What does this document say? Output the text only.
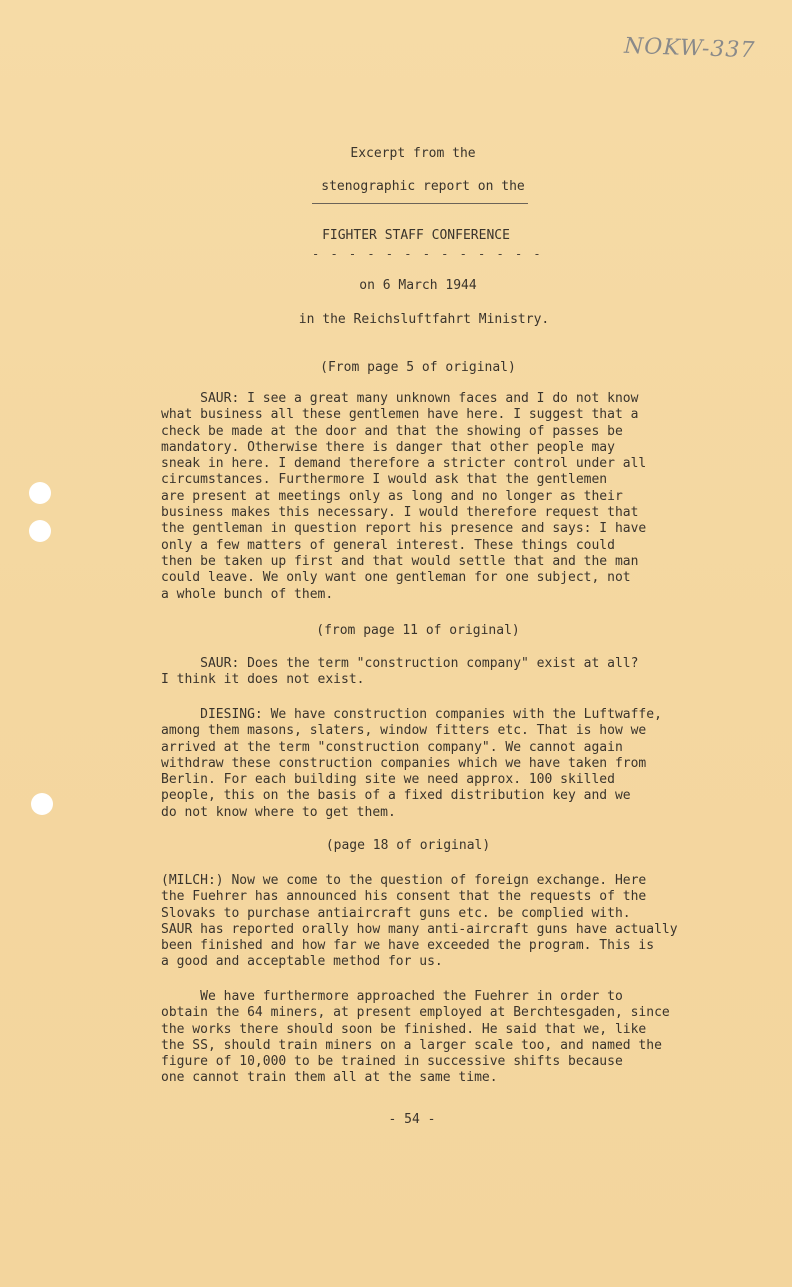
NOKW-337
Excerpt from the
stenographic report on the
FIGHTER STAFF CONFERENCE
- - - - - - - - - - - - -
on 6 March 1944
in the Reichsluftfahrt Ministry.
(From page 5 of original)
SAUR: I see a great many unknown faces and I do not know
what business all these gentlemen have here. I suggest that a
check be made at the door and that the showing of passes be
mandatory. Otherwise there is danger that other people may
sneak in here. I demand therefore a stricter control under all
circumstances. Furthermore I would ask that the gentlemen
are present at meetings only as long and no longer as their
business makes this necessary. I would therefore request that
the gentleman in question report his presence and says: I have
only a few matters of general interest. These things could
then be taken up first and that would settle that and the man
could leave. We only want one gentleman for one subject, not
a whole bunch of them.
(from page 11 of original)
SAUR: Does the term "construction company" exist at all?
I think it does not exist.
DIESING: We have construction companies with the Luftwaffe,
among them masons, slaters, window fitters etc. That is how we
arrived at the term "construction company". We cannot again
withdraw these construction companies which we have taken from
Berlin. For each building site we need approx. 100 skilled
people, this on the basis of a fixed distribution key and we
do not know where to get them.
(page 18 of original)
(MILCH:) Now we come to the question of foreign exchange. Here
the Fuehrer has announced his consent that the requests of the
Slovaks to purchase antiaircraft guns etc. be complied with.
SAUR has reported orally how many anti-aircraft guns have actually
been finished and how far we have exceeded the program. This is
a good and acceptable method for us.
We have furthermore approached the Fuehrer in order to
obtain the 64 miners, at present employed at Berchtesgaden, since
the works there should soon be finished. He said that we, like
the SS, should train miners on a larger scale too, and named the
figure of 10,000 to be trained in successive shifts because
one cannot train them all at the same time.
- 54 -
